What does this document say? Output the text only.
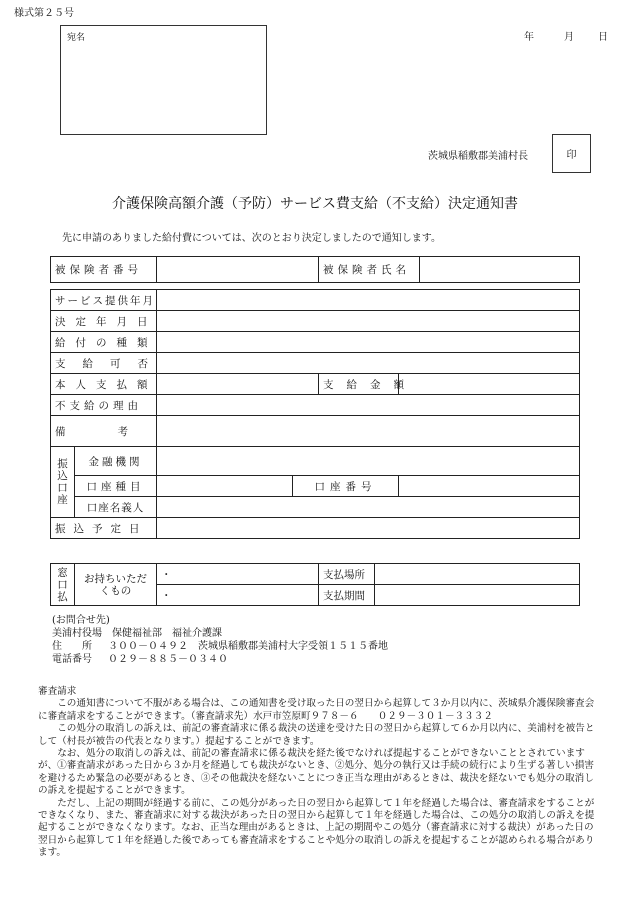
様式第２５号
宛名	年	月 日
茨城県稲敷郡美浦村長	印
介護保険高額介護（予防）サービス費支給（不支給）決定通知書
先に申請のありました給付費については、次のとおり決定しましたので通知します。
被保険者番号		被保険者氏名	
サービス提供年月					
決定年月日					
給付の種類					
支給可否					
本人支払額				支給金額	
不支給の理由					
備考					
振込口座	金融機関				
	口座種目		口座番号		
	口座名義人				
振込予定日					
窓口払	お持ちいただくもの	・	支払場所	
		・	支払期間	
(お問合せ先)
美浦村役場　保健福祉部　福祉介護課
住　　所 ３００－０４９２　茨城県稲敷郡美浦村大字受領１５１５番地
電話番号 ０２９－８８５－０３４０

審査請求

この通知書について不服がある場合は、この通知書を受け取った日の翌日から起算して３か月以内に、茨城県介護保険審査会に審査請求をすることができます。（審査請求先）水戸市笠原町９７８－６　　０２９－３０１－３３３２

この処分の取消しの訴えは、前記の審査請求に係る裁決の送達を受けた日の翌日から起算して６か月以内に、美浦村を被告として（村長が被告の代表となります。）提起することができます。

なお、処分の取消しの訴えは、前記の審査請求に係る裁決を経た後でなければ提起することができないこととされていますが、①審査請求があった日から３か月を経過しても裁決がないとき、②処分、処分の執行又は手続の続行により生ずる著しい損害を避けるため緊急の必要があるとき、③その他裁決を経ないことにつき正当な理由があるときは、裁決を経ないでも処分の取消しの訴えを提起することができます。

ただし、上記の期間が経過する前に、この処分があった日の翌日から起算して１年を経過した場合は、審査請求をすることができなくなり、また、審査請求に対する裁決があった日の翌日から起算して１年を経過した場合は、この処分の取消しの訴えを提起することができなくなります。なお、正当な理由があるときは、上記の期間やこの処分（審査請求に対する裁決）があった日の翌日から起算して１年を経過した後であっても審査請求をすることや処分の取消しの訴えを提起することが認められる場合があります。
